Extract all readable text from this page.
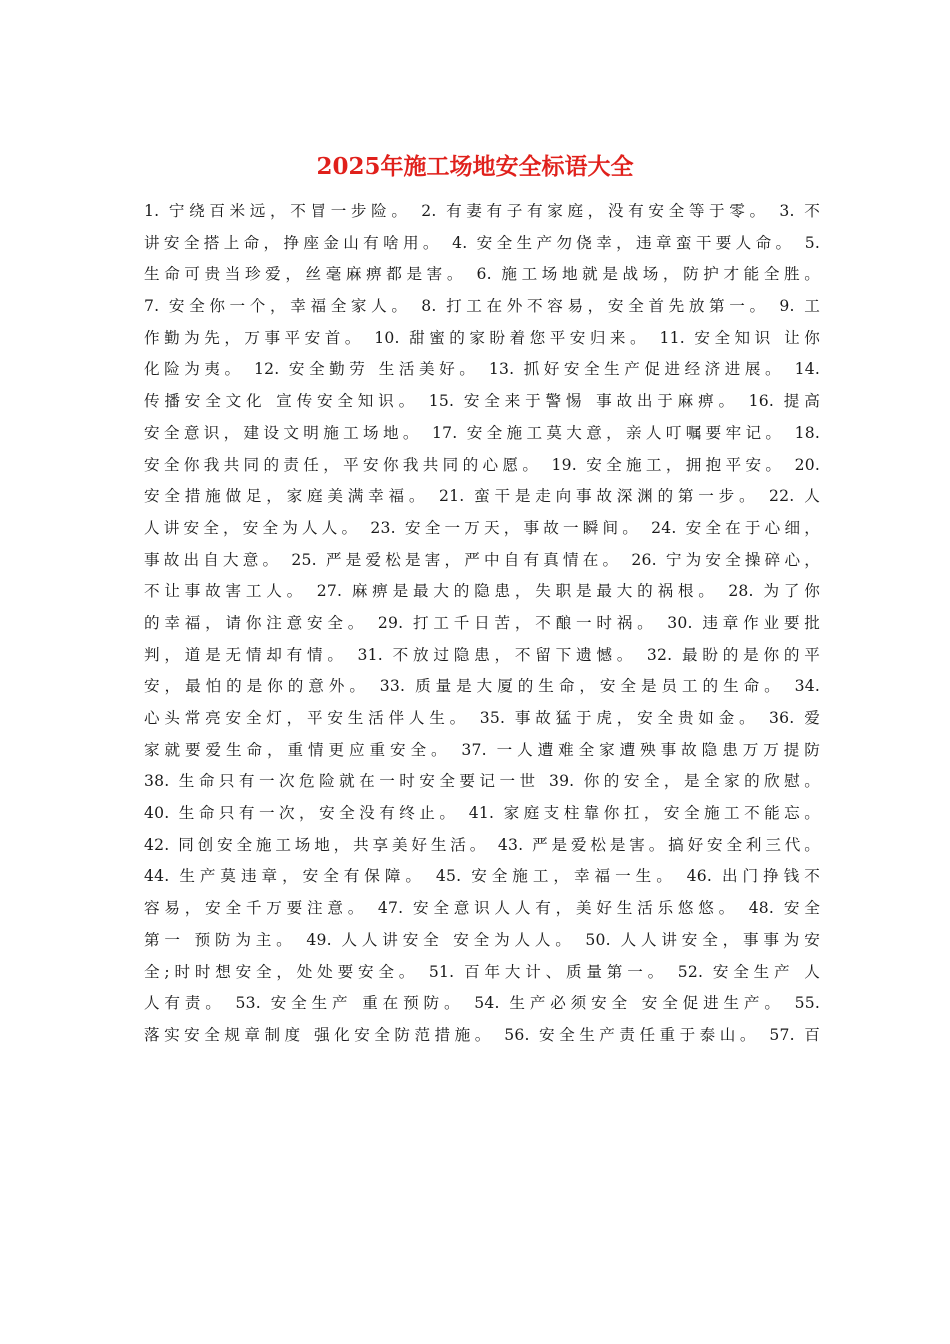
2025年施工场地安全标语大全
1. 宁绕百米远，不冒一步险。 2. 有妻有子有家庭，没有安全等于零。 3. 不
讲安全搭上命，挣座金山有啥用。 4. 安全生产勿侥幸，违章蛮干要人命。 5.
生命可贵当珍爱，丝毫麻痹都是害。 6. 施工场地就是战场，防护才能全胜。
7. 安全你一个，幸福全家人。 8. 打工在外不容易，安全首先放第一。 9. 工
作勤为先，万事平安首。 10. 甜蜜的家盼着您平安归来。 11. 安全知识 让你
化险为夷。 12. 安全勤劳 生活美好。 13. 抓好安全生产促进经济进展。 14.
传播安全文化 宣传安全知识。 15. 安全来于警惕 事故出于麻痹。 16. 提高
安全意识，建设文明施工场地。 17. 安全施工莫大意，亲人叮嘱要牢记。 18.
安全你我共同的责任，平安你我共同的心愿。 19. 安全施工，拥抱平安。 20.
安全措施做足，家庭美满幸福。 21. 蛮干是走向事故深渊的第一步。 22. 人
人讲安全，安全为人人。 23. 安全一万天，事故一瞬间。 24. 安全在于心细，
事故出自大意。 25. 严是爱松是害，严中自有真情在。 26. 宁为安全操碎心，
不让事故害工人。 27. 麻痹是最大的隐患，失职是最大的祸根。 28. 为了你
的幸福，请你注意安全。 29. 打工千日苦，不酿一时祸。 30. 违章作业要批
判，道是无情却有情。 31. 不放过隐患，不留下遗憾。 32. 最盼的是你的平
安，最怕的是你的意外。 33. 质量是大厦的生命，安全是员工的生命。 34.
心头常亮安全灯，平安生活伴人生。 35. 事故猛于虎，安全贵如金。 36. 爱
家就要爱生命，重情更应重安全。 37. 一人遭难全家遭殃事故隐患万万提防
38. 生命只有一次危险就在一时安全要记一世 39. 你的安全，是全家的欣慰。
40. 生命只有一次，安全没有终止。 41. 家庭支柱靠你扛，安全施工不能忘。
42. 同创安全施工场地，共享美好生活。 43. 严是爱松是害。搞好安全利三代。
44. 生产莫违章，安全有保障。 45. 安全施工，幸福一生。 46. 出门挣钱不
容易，安全千万要注意。 47. 安全意识人人有，美好生活乐悠悠。 48. 安全
第一 预防为主。 49. 人人讲安全 安全为人人。 50. 人人讲安全，事事为安
全;时时想安全，处处要安全。 51. 百年大计、质量第一。 52. 安全生产 人
人有责。 53. 安全生产 重在预防。 54. 生产必须安全 安全促进生产。 55.
落实安全规章制度 强化安全防范措施。 56. 安全生产责任重于泰山。 57. 百
